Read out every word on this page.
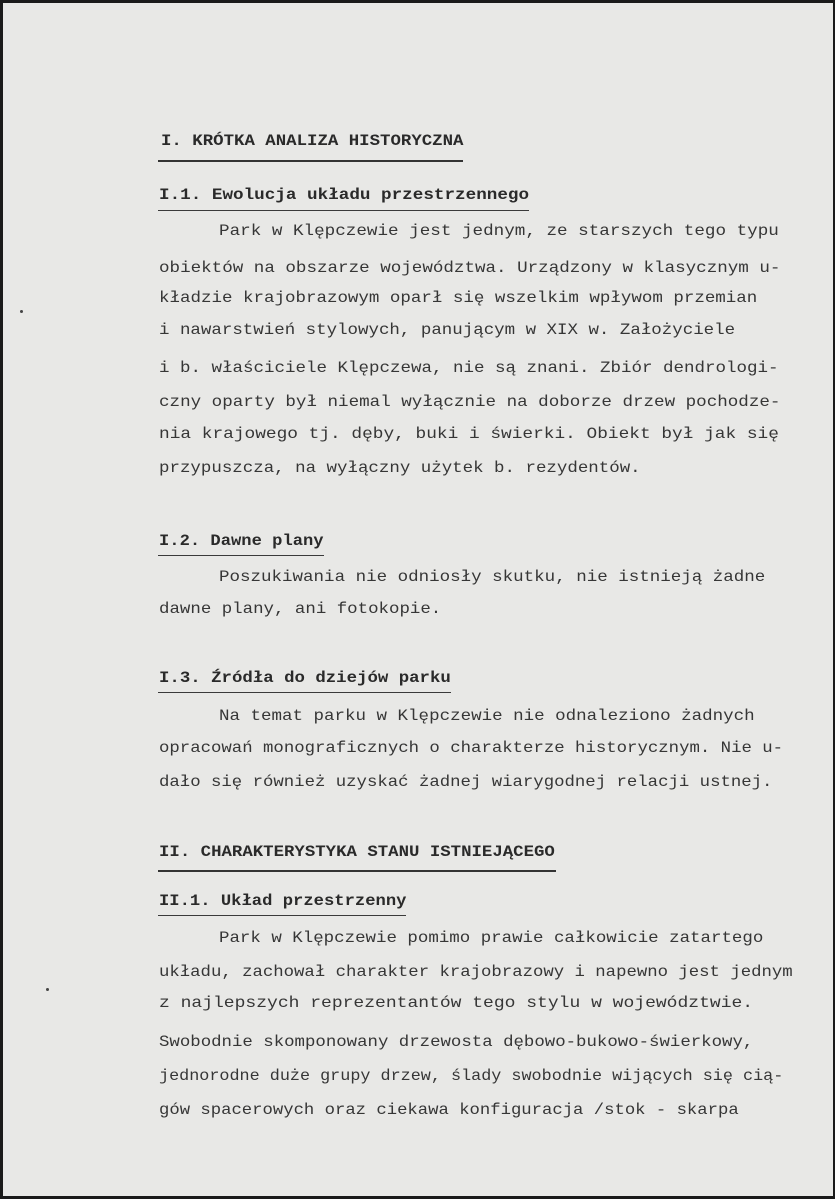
I. KRÓTKA ANALIZA HISTORYCZNA

I.1. Ewolucja układu przestrzennego

Park w Klępczewie jest jednym, ze starszych tego typu

obiektów na obszarze województwa. Urządzony w klasycznym u-

kładzie krajobrazowym oparł się wszelkim wpływom przemian

i nawarstwień stylowych, panującym w XIX w. Założyciele

i b. właściciele Klępczewa, nie są znani. Zbiór dendrologi-

czny oparty był niemal wyłącznie na doborze drzew pochodze-

nia krajowego tj. dęby, buki i świerki. Obiekt był jak się

przypuszcza, na wyłączny użytek b. rezydentów.

I.2. Dawne plany

Poszukiwania nie odniosły skutku, nie istnieją żadne

dawne plany, ani fotokopie.

I.3. Źródła do dziejów parku

Na temat parku w Klępczewie nie odnaleziono żadnych

opracowań monograficznych o charakterze historycznym. Nie u-

dało się również uzyskać żadnej wiarygodnej relacji ustnej.

II. CHARAKTERYSTYKA STANU ISTNIEJĄCEGO

II.1. Układ przestrzenny

Park w Klępczewie pomimo prawie całkowicie zatartego

układu, zachował charakter krajobrazowy i napewno jest jednym

z najlepszych reprezentantów tego stylu w województwie.

Swobodnie skomponowany drzewosta dębowo-bukowo-świerkowy,

jednorodne duże grupy drzew, ślady swobodnie wijących się cią-

gów spacerowych oraz ciekawa konfiguracja /stok - skarpa
